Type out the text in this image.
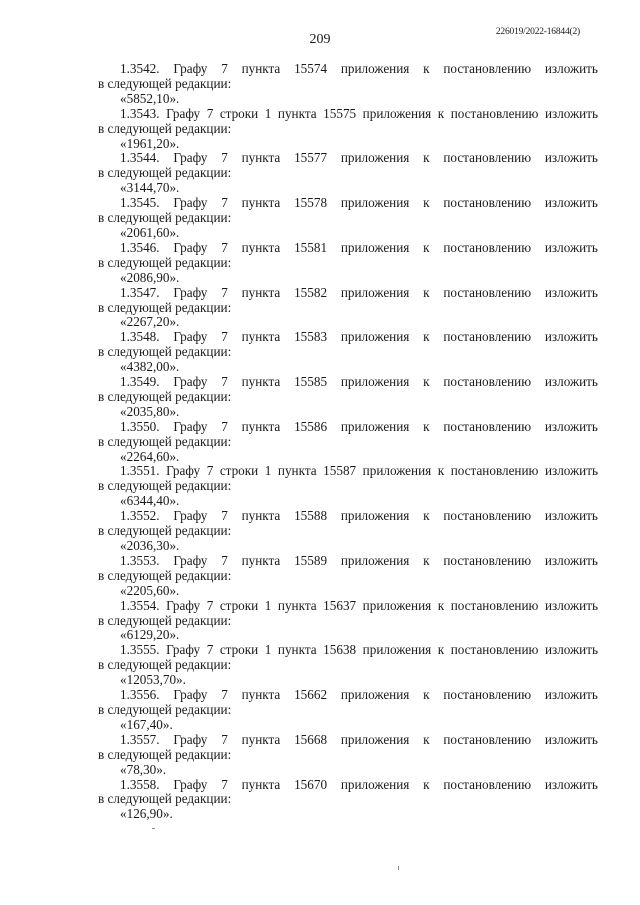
209	226019/2022-16844(2)
1.3542. Графу 7 пункта 15574 приложения к постановлению изложить
в следующей редакции:
«5852,10».
1.3543. Графу 7 строки 1 пункта 15575 приложения к постановлению изложить
в следующей редакции:
«1961,20».
1.3544. Графу 7 пункта 15577 приложения к постановлению изложить
в следующей редакции:
«3144,70».
1.3545. Графу 7 пункта 15578 приложения к постановлению изложить
в следующей редакции:
«2061,60».
1.3546. Графу 7 пункта 15581 приложения к постановлению изложить
в следующей редакции:
«2086,90».
1.3547. Графу 7 пункта 15582 приложения к постановлению изложить
в следующей редакции:
«2267,20».
1.3548. Графу 7 пункта 15583 приложения к постановлению изложить
в следующей редакции:
«4382,00».
1.3549. Графу 7 пункта 15585 приложения к постановлению изложить
в следующей редакции:
«2035,80».
1.3550. Графу 7 пункта 15586 приложения к постановлению изложить
в следующей редакции:
«2264,60».
1.3551. Графу 7 строки 1 пункта 15587 приложения к постановлению изложить
в следующей редакции:
«6344,40».
1.3552. Графу 7 пункта 15588 приложения к постановлению изложить
в следующей редакции:
«2036,30».
1.3553. Графу 7 пункта 15589 приложения к постановлению изложить
в следующей редакции:
«2205,60».
1.3554. Графу 7 строки 1 пункта 15637 приложения к постановлению изложить
в следующей редакции:
«6129,20».
1.3555. Графу 7 строки 1 пункта 15638 приложения к постановлению изложить
в следующей редакции:
«12053,70».
1.3556. Графу 7 пункта 15662 приложения к постановлению изложить
в следующей редакции:
«167,40».
1.3557. Графу 7 пункта 15668 приложения к постановлению изложить
в следующей редакции:
«78,30».
1.3558. Графу 7 пункта 15670 приложения к постановлению изложить
в следующей редакции:
«126,90».
